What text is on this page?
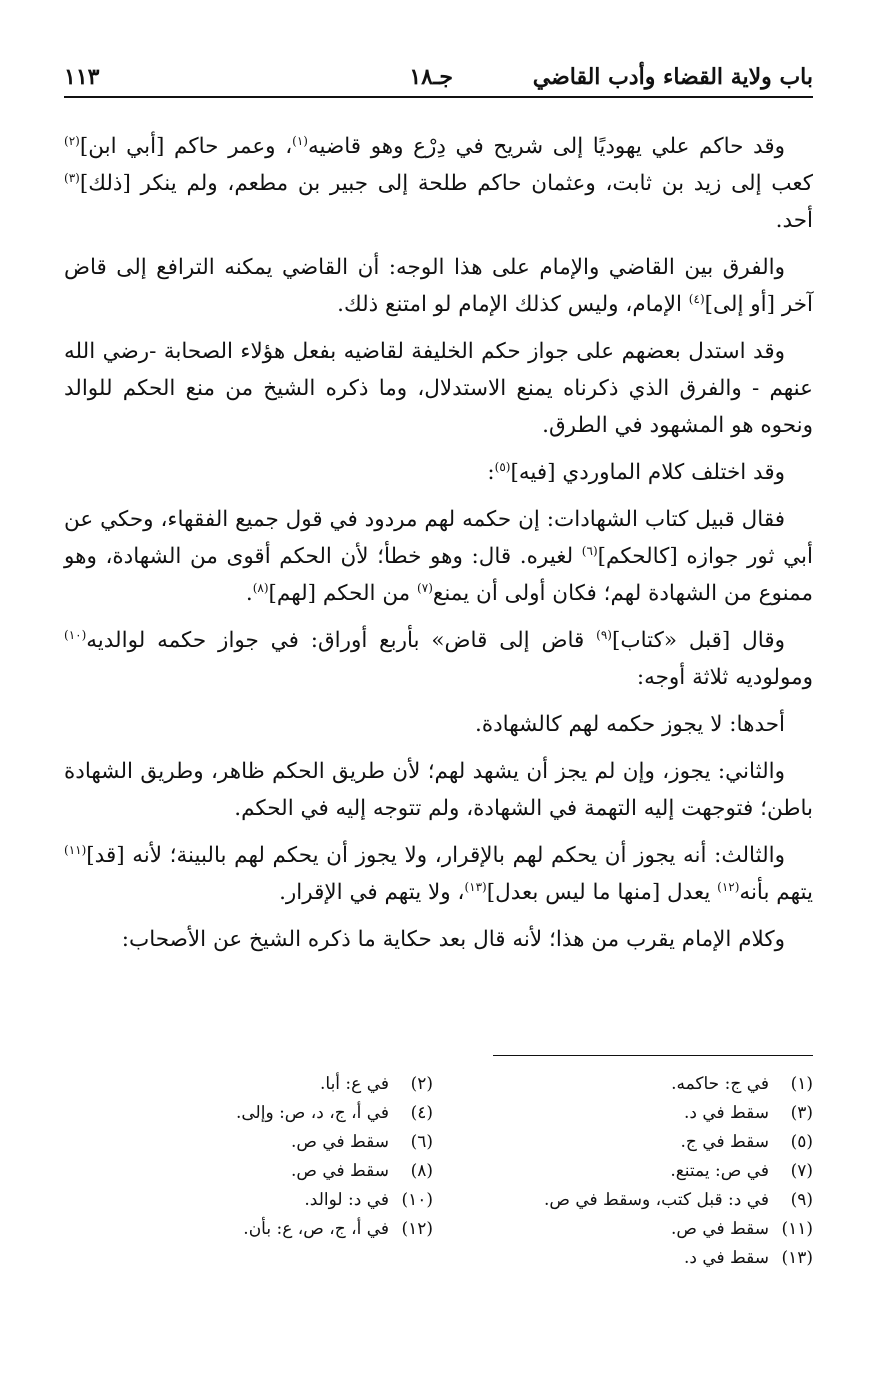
باب ولاية القضاء وأدب القاضي
جـ١٨
١١٣

وقد حاكم علي يهوديًا إلى شريح في دِرْع وهو قاضيه$^{(١)}$، وعمر حاكم [أبي ابن]$^{(٢)}$ كعب إلى زيد بن ثابت، وعثمان حاكم طلحة إلى جبير بن مطعم، ولم ينكر [ذلك]$^{(٣)}$ أحد.

والفرق بين القاضي والإمام على هذا الوجه: أن القاضي يمكنه الترافع إلى قاض آخر [أو إلى]$^{(٤)}$ الإمام، وليس كذلك الإمام لو امتنع ذلك.

وقد استدل بعضهم على جواز حكم الخليفة لقاضيه بفعل هؤلاء الصحابة -رضي الله عنهم - والفرق الذي ذكرناه يمنع الاستدلال، وما ذكره الشيخ من منع الحكم للوالد ونحوه هو المشهود في الطرق.

وقد اختلف كلام الماوردي [فيه]$^{(٥)}$:

فقال قبيل كتاب الشهادات: إن حكمه لهم مردود في قول جميع الفقهاء، وحكي عن أبي ثور جوازه [كالحكم]$^{(٦)}$ لغيره. قال: وهو خطأ؛ لأن الحكم أقوى من الشهادة، وهو ممنوع من الشهادة لهم؛ فكان أولى أن يمنع$^{(٧)}$ من الحكم [لهم]$^{(٨)}$.

وقال [قبل «كتاب]$^{(٩)}$ قاض إلى قاض» بأربع أوراق: في جواز حكمه لوالديه$^{(١٠)}$ ومولوديه ثلاثة أوجه:

أحدها: لا يجوز حكمه لهم كالشهادة.

والثاني: يجوز، وإن لم يجز أن يشهد لهم؛ لأن طريق الحكم ظاهر، وطريق الشهادة باطن؛ فتوجهت إليه التهمة في الشهادة، ولم تتوجه إليه في الحكم.

والثالث: أنه يجوز أن يحكم لهم بالإقرار، ولا يجوز أن يحكم لهم بالبينة؛ لأنه [قد]$^{(١١)}$ يتهم بأنه$^{(١٢)}$ يعدل [منها ما ليس بعدل]$^{(١٣)}$، ولا يتهم في الإقرار.

وكلام الإمام يقرب من هذا؛ لأنه قال بعد حكاية ما ذكره الشيخ عن الأصحاب:

(١)في ج: حاكمه.
(٣)سقط في د.
(٥)سقط في ج.
(٧)في ص: يمتنع.
(٩)في د: قبل كتب، وسقط في ص.
(١١)سقط في ص.
(١٣)سقط في د.
(٢)في ع: أبا.
(٤)في أ، ج، د، ص: وإلى.
(٦)سقط في ص.
(٨)سقط في ص.
(١٠)في د: لوالد.
(١٢)في أ، ج، ص، ع: بأن.
